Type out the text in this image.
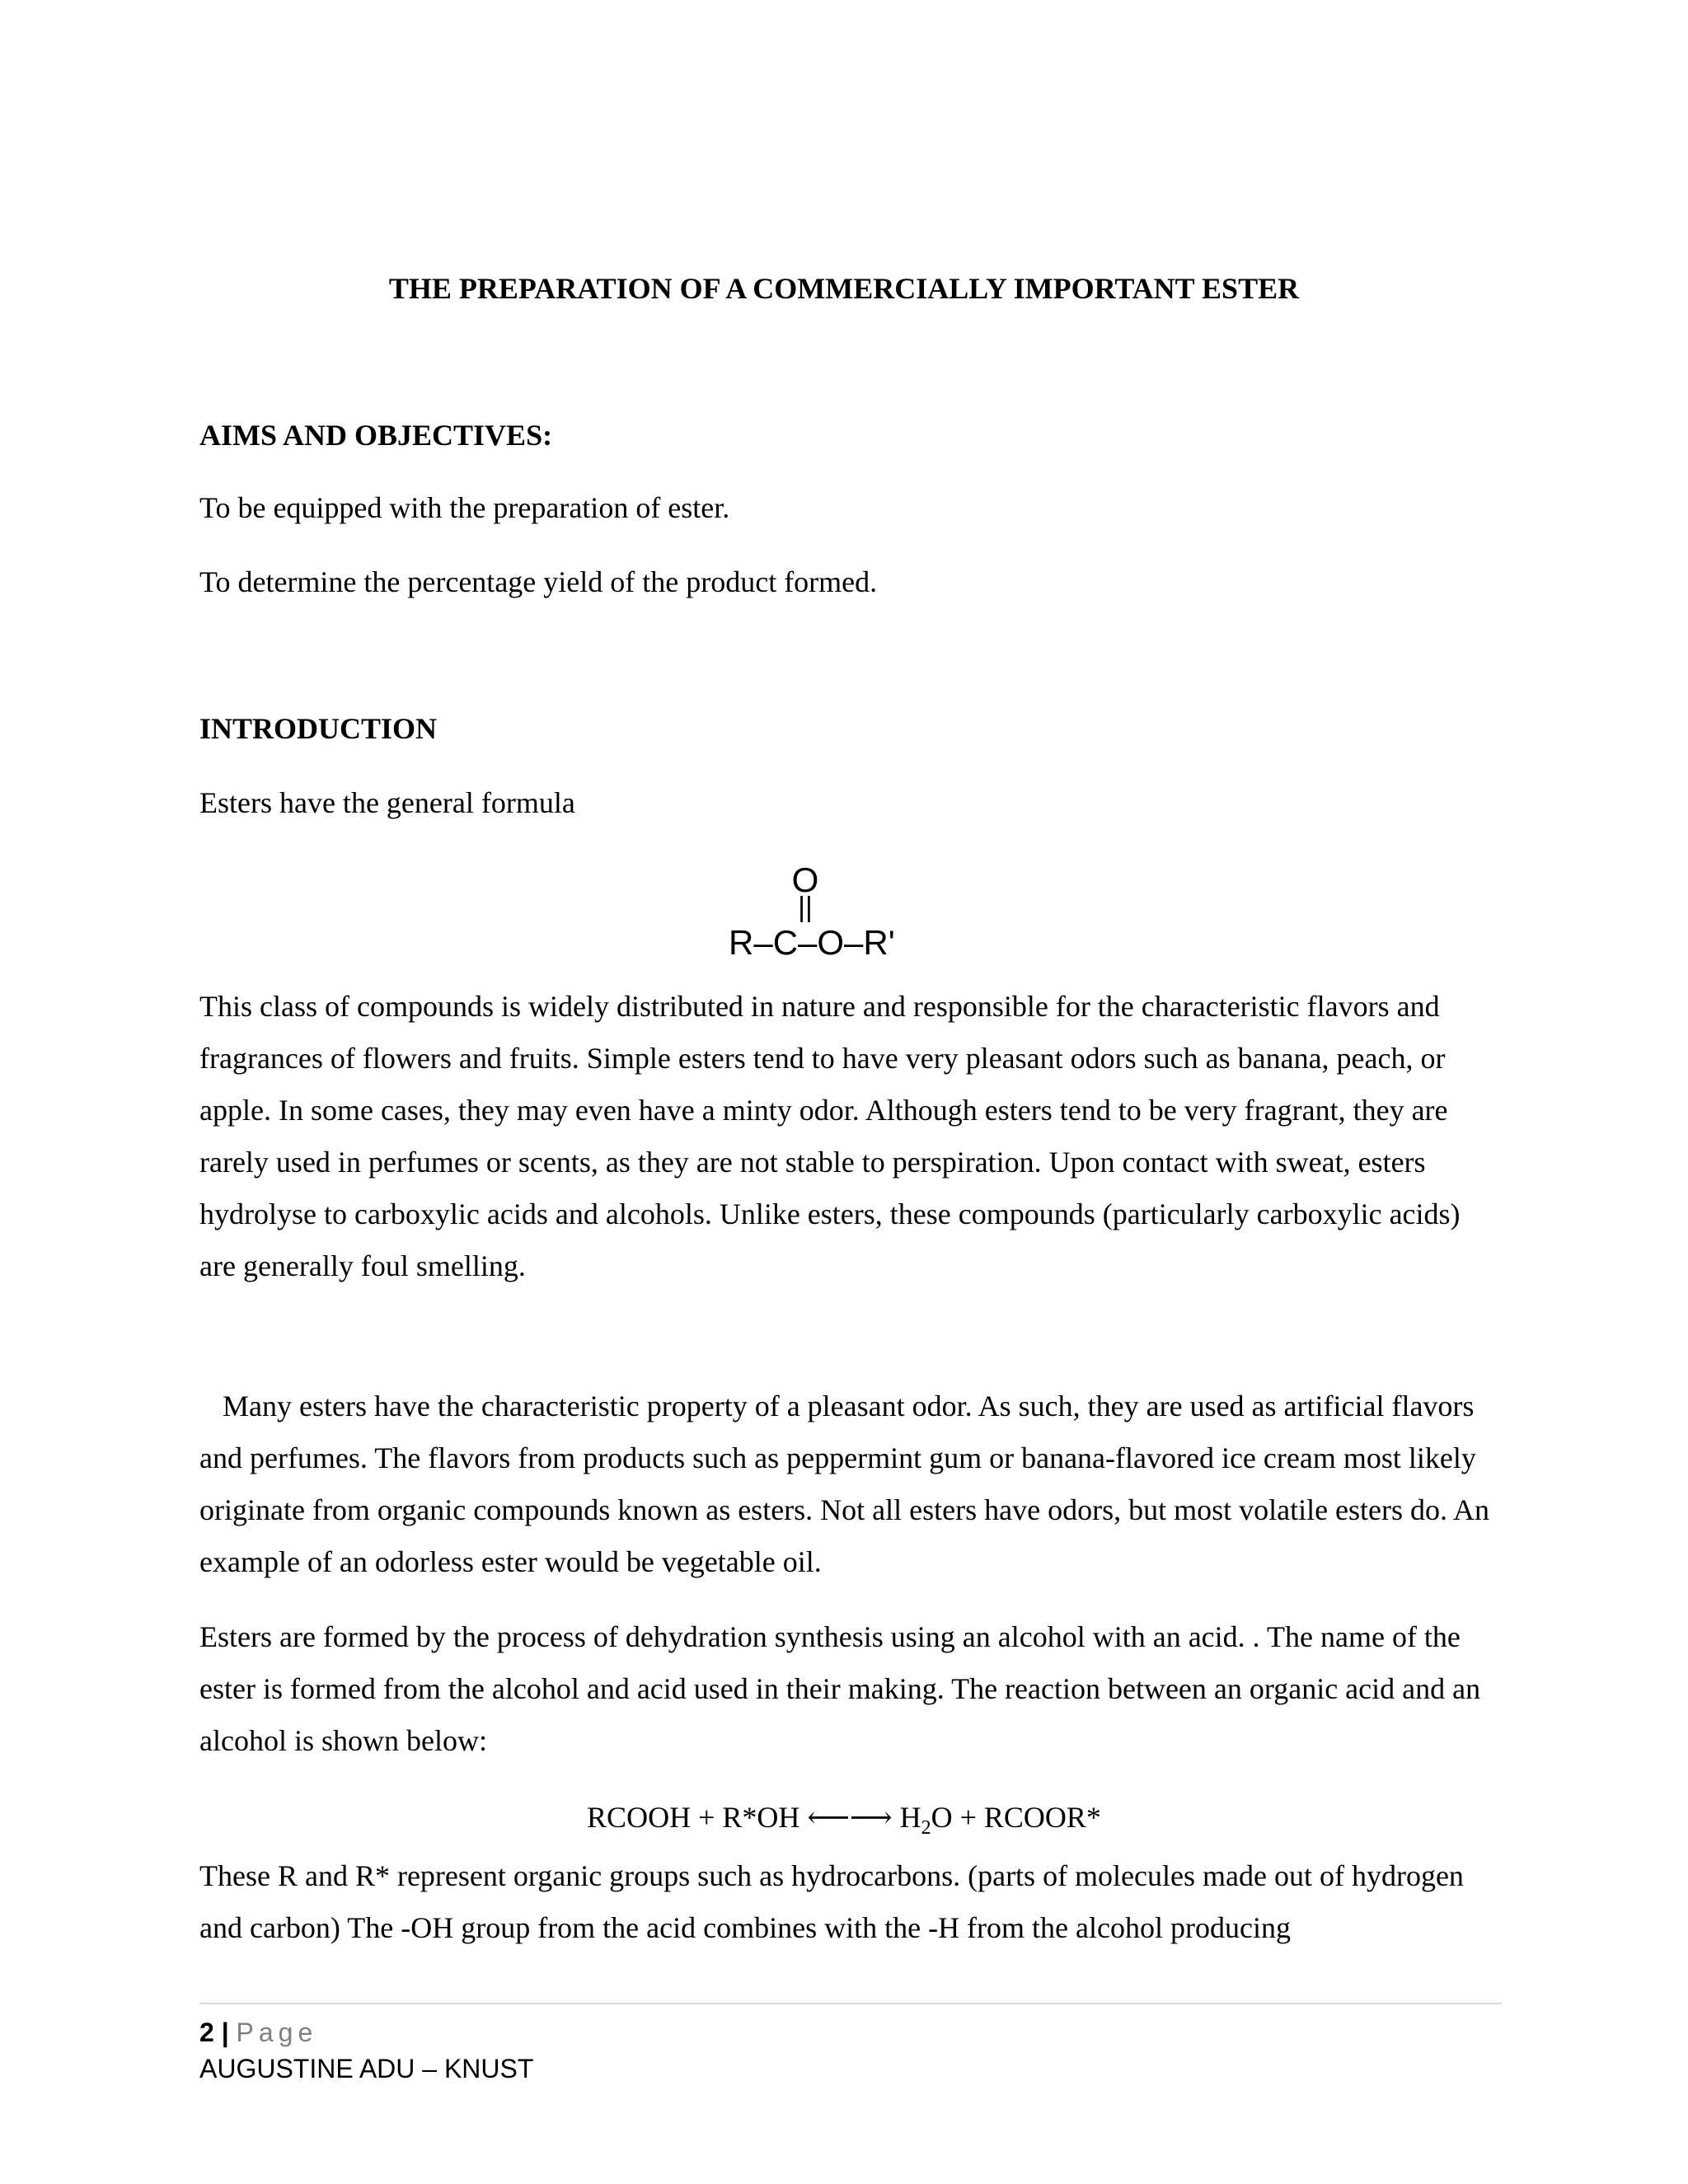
THE PREPARATION OF A COMMERCIALLY IMPORTANT ESTER
AIMS AND OBJECTIVES:
To be equipped with the preparation of ester.
To determine the percentage yield of the product formed.
INTRODUCTION
Esters have the general formula
O
||
R–C–O–R'

This class of compounds is widely distributed in nature and responsible for the characteristic flavors and fragrances of flowers and fruits. Simple esters tend to have very pleasant odors such as banana, peach, or apple. In some cases, they may even have a minty odor. Although esters tend to be very fragrant, they are rarely used in perfumes or scents, as they are not stable to perspiration. Upon contact with sweat, esters hydrolyse to carboxylic acids and alcohols. Unlike esters, these compounds (particularly carboxylic acids) are generally foul smelling.

Many esters have the characteristic property of a pleasant odor. As such, they are used as artificial flavors and perfumes. The flavors from products such as peppermint gum or banana-flavored ice cream most likely originate from organic compounds known as esters. Not all esters have odors, but most volatile esters do. An example of an odorless ester would be vegetable oil.

Esters are formed by the process of dehydration synthesis using an alcohol with an acid. . The name of the ester is formed from the alcohol and acid used in their making. The reaction between an organic acid and an alcohol is shown below:

RCOOH + R*OH ⟵⟶ $H_2O$ + RCOOR*

These R and R* represent organic groups such as hydrocarbons. (parts of molecules made out of hydrogen and carbon) The -OH group from the acid combines with the -H from the alcohol producing

2 | Page
AUGUSTINE ADU – KNUST
